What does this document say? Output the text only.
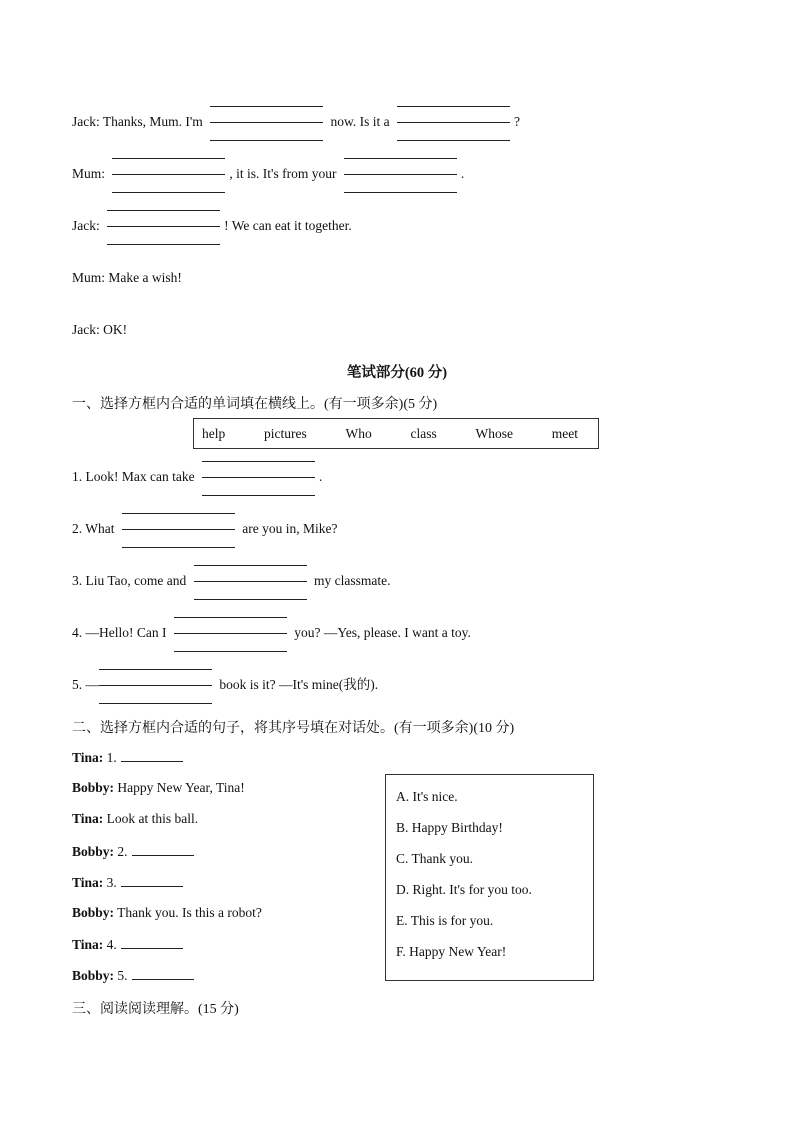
Jack: Thanks, Mum. I'm	now. Is it a	?
Mum:	, it is. It's from your	.
Jack:	! We can eat it together.
Mum: Make a wish!
Jack: OK!
笔试部分(60 分)
一、选择方框内合适的单词填在横线上。(有一项多余)(5 分)
help	pictures	Who	class	Whose	meet
1. Look! Max can take	.
2. What	are you in, Mike?
3. Liu Tao, come and	my classmate.
4. —Hello! Can I	you? —Yes, please. I want a toy.
5. —	book is it? —It's mine(我的).
二、选择方框内合适的句子，将其序号填在对话处。(有一项多余)(10 分)
Tina: 1.
Bobby: Happy New Year, Tina!
Tina: Look at this ball.
Bobby: 2.
Tina: 3.
Bobby: Thank you. Is this a robot?
Tina: 4.
Bobby: 5.
A. It's nice.
B. Happy Birthday!
C. Thank you.
D. Right. It's for you too.
E. This is for you.
F. Happy New Year!
三、阅读阅读理解。(15 分)
